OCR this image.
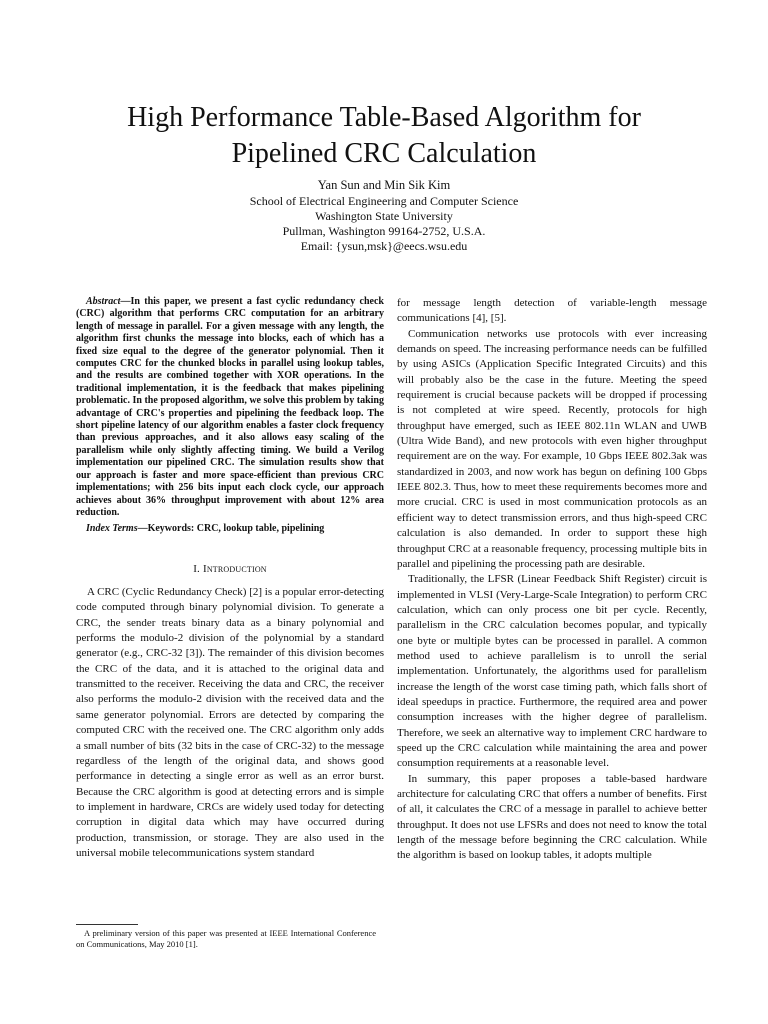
High Performance Table-Based Algorithm for
Pipelined CRC Calculation
Yan Sun and Min Sik Kim
School of Electrical Engineering and Computer Science
Washington State University
Pullman, Washington 99164-2752, U.S.A.
Email: {ysun,msk}@eecs.wsu.edu

Abstract—In this paper, we present a fast cyclic redundancy check (CRC) algorithm that performs CRC computation for an arbitrary length of message in parallel. For a given message with any length, the algorithm first chunks the message into blocks, each of which has a fixed size equal to the degree of the generator polynomial. Then it computes CRC for the chunked blocks in parallel using lookup tables, and the results are combined together with XOR operations. In the traditional implementation, it is the feedback that makes pipelining problematic. In the proposed algorithm, we solve this problem by taking advantage of CRC's properties and pipelining the feedback loop. The short pipeline latency of our algorithm enables a faster clock frequency than previous approaches, and it also allows easy scaling of the parallelism while only slightly affecting timing. We build a Verilog implementation our pipelined CRC. The simulation results show that our approach is faster and more space-efficient than previous CRC implementations; with 256 bits input each clock cycle, our approach achieves about 36% throughput improvement with about 12% area reduction.

Index Terms—Keywords: CRC, lookup table, pipelining

I. Introduction

A CRC (Cyclic Redundancy Check) [2] is a popular error-detecting code computed through binary polynomial division. To generate a CRC, the sender treats binary data as a binary polynomial and performs the modulo-2 division of the polynomial by a standard generator (e.g., CRC-32 [3]). The remainder of this division becomes the CRC of the data, and it is attached to the original data and transmitted to the receiver. Receiving the data and CRC, the receiver also performs the modulo-2 division with the received data and the same generator polynomial. Errors are detected by comparing the computed CRC with the received one. The CRC algorithm only adds a small number of bits (32 bits in the case of CRC-32) to the message regardless of the length of the original data, and shows good performance in detecting a single error as well as an error burst. Because the CRC algorithm is good at detecting errors and is simple to implement in hardware, CRCs are widely used today for detecting corruption in digital data which may have occurred during production, transmission, or storage. They are also used in the universal mobile telecommunications system standard

for message length detection of variable-length message communications [4], [5].

Communication networks use protocols with ever increasing demands on speed. The increasing performance needs can be fulfilled by using ASICs (Application Specific Integrated Circuits) and this will probably also be the case in the future. Meeting the speed requirement is crucial because packets will be dropped if processing is not completed at wire speed. Recently, protocols for high throughput have emerged, such as IEEE 802.11n WLAN and UWB (Ultra Wide Band), and new protocols with even higher throughput requirement are on the way. For example, 10 Gbps IEEE 802.3ak was standardized in 2003, and now work has begun on defining 100 Gbps IEEE 802.3. Thus, how to meet these requirements becomes more and more crucial. CRC is used in most communication protocols as an efficient way to detect transmission errors, and thus high-speed CRC calculation is also demanded. In order to support these high throughput CRC at a reasonable frequency, processing multiple bits in parallel and pipelining the processing path are desirable.

Traditionally, the LFSR (Linear Feedback Shift Register) circuit is implemented in VLSI (Very-Large-Scale Integration) to perform CRC calculation, which can only process one bit per cycle. Recently, parallelism in the CRC calculation becomes popular, and typically one byte or multiple bytes can be processed in parallel. A common method used to achieve parallelism is to unroll the serial implementation. Unfortunately, the algorithms used for parallelism increase the length of the worst case timing path, which falls short of ideal speedups in practice. Furthermore, the required area and power consumption increases with the higher degree of parallelism. Therefore, we seek an alternative way to implement CRC hardware to speed up the CRC calculation while maintaining the area and power consumption requirements at a reasonable level.

In summary, this paper proposes a table-based hardware architecture for calculating CRC that offers a number of benefits. First of all, it calculates the CRC of a message in parallel to achieve better throughput. It does not use LFSRs and does not need to know the total length of the message before beginning the CRC calculation. While the algorithm is based on lookup tables, it adopts multiple

A preliminary version of this paper was presented at IEEE International Conference on Communications, May 2010 [1].
